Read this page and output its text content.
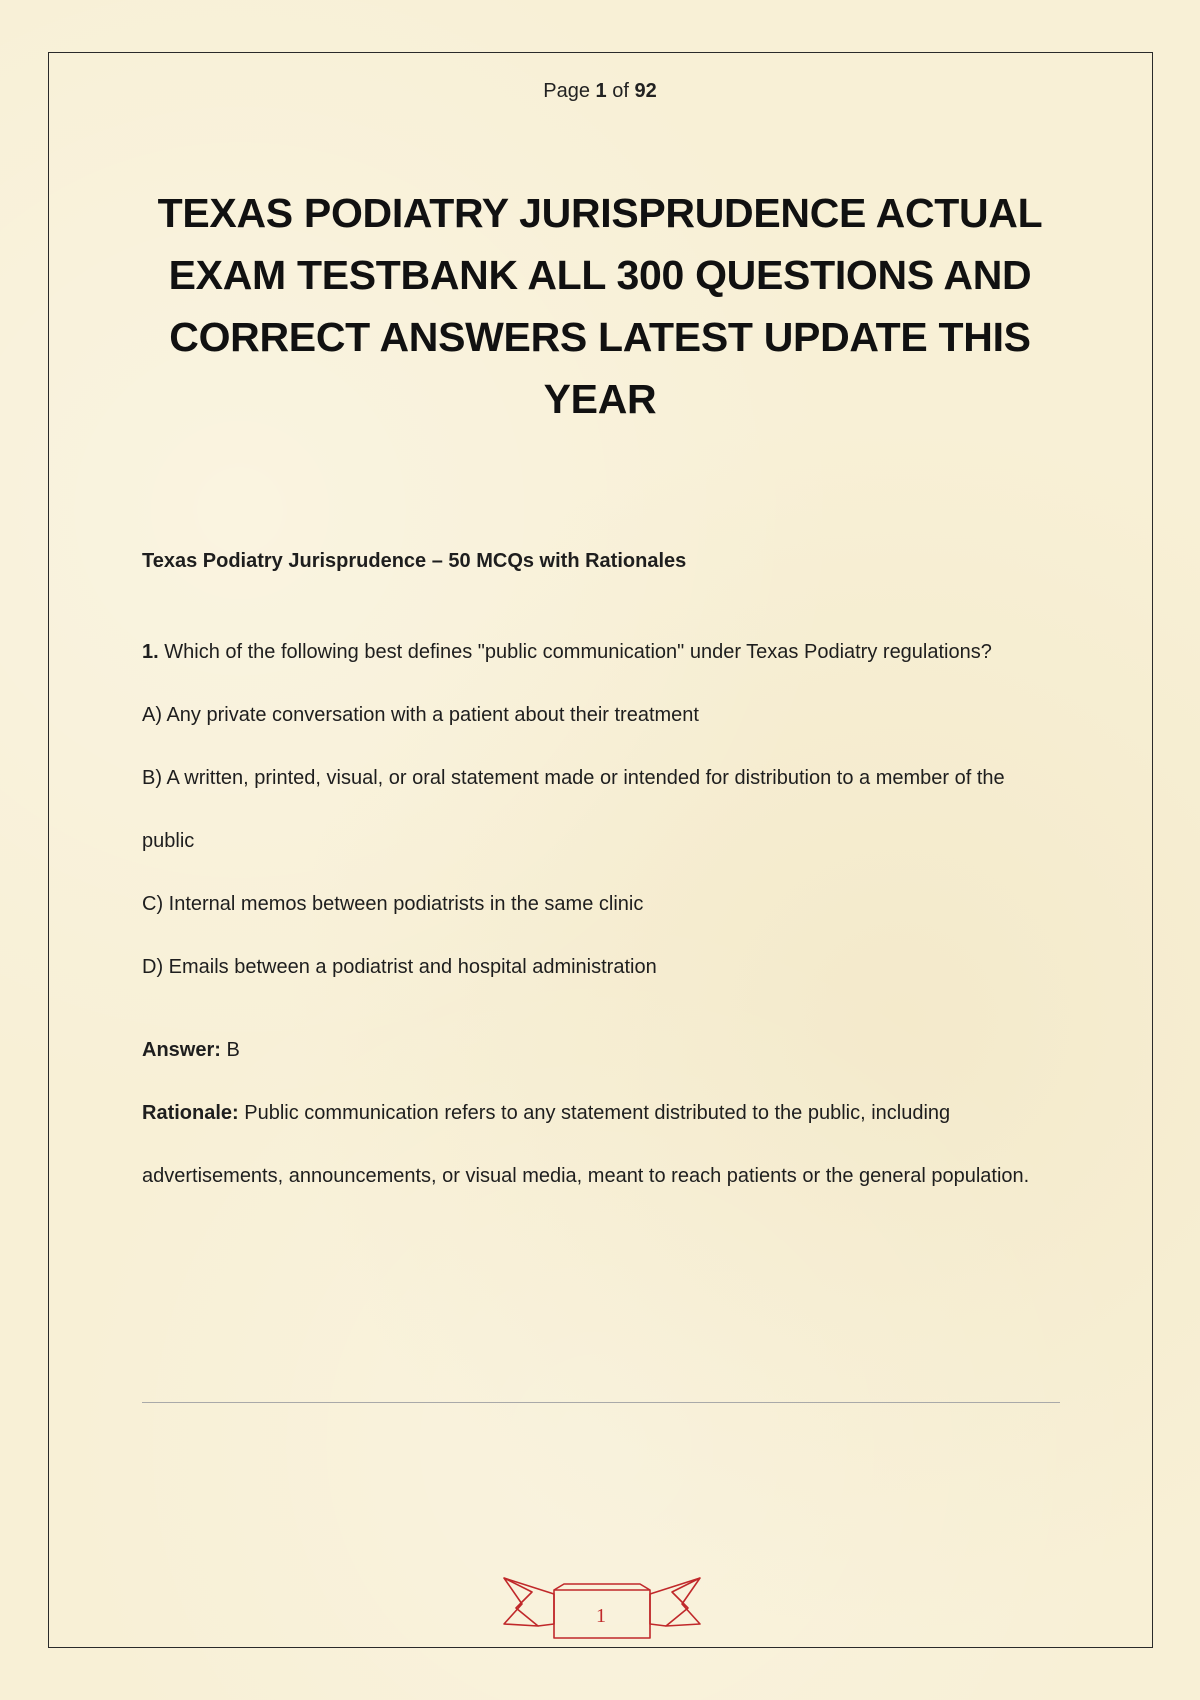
Page 1 of 92
TEXAS PODIATRY JURISPRUDENCE ACTUAL EXAM TESTBANK ALL 300 QUESTIONS AND CORRECT ANSWERS LATEST UPDATE THIS YEAR

Texas Podiatry Jurisprudence – 50 MCQs with Rationales

1. Which of the following best defines "public communication" under Texas Podiatry regulations?

A) Any private conversation with a patient about their treatment

B) A written, printed, visual, or oral statement made or intended for distribution to a member of the public

C) Internal memos between podiatrists in the same clinic

D) Emails between a podiatrist and hospital administration

Answer: B

Rationale: Public communication refers to any statement distributed to the public, including advertisements, announcements, or visual media, meant to reach patients or the general population.

1
